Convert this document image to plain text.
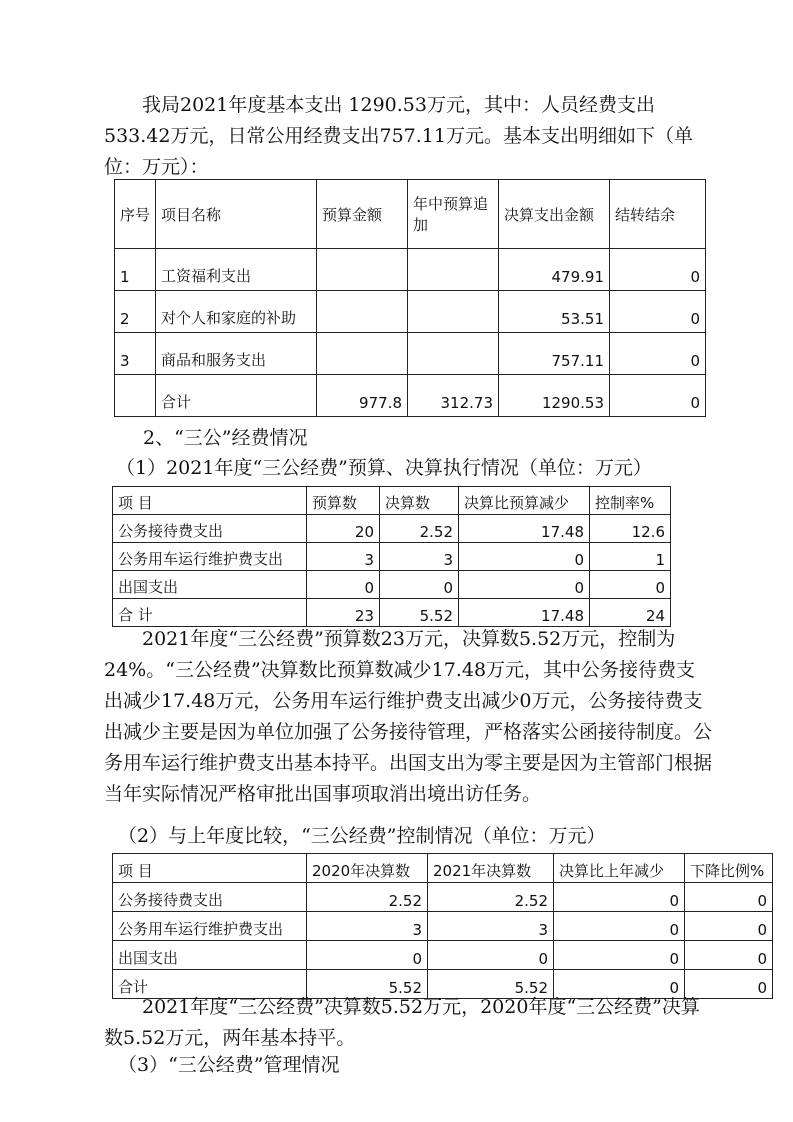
我局2021年度基本支出 1290.53万元，其中：人员经费支出533.42万元，日常公用经费支出757.11万元。基本支出明细如下（单位：万元）：

序号	项目名称	预算金额	年中预算追加	决算支出金额	结转结余
1	工资福利支出			479.91	0
2	对个人和家庭的补助			53.51	0
3	商品和服务支出			757.11	0
	合计	977.8	312.73	1290.53	0

2、“三公”经费情况

（1）2021年度“三公经费”预算、决算执行情况（单位：万元）

项 目	预算数	决算数	决算比预算减少	控制率%
公务接待费支出	20	2.52	17.48	12.6
公务用车运行维护费支出	3	3	0	1
出国支出	0	0	0	0
合 计	23	5.52	17.48	24

2021年度“三公经费”预算数23万元，决算数5.52万元，控制为24%。“三公经费”决算数比预算数减少17.48万元，其中公务接待费支出减少17.48万元，公务用车运行维护费支出减少0万元，公务接待费支出减少主要是因为单位加强了公务接待管理，严格落实公函接待制度。公务用车运行维护费支出基本持平。出国支出为零主要是因为主管部门根据当年实际情况严格审批出国事项取消出境出访任务。

（2）与上年度比较，“三公经费”控制情况（单位：万元）

项 目	2020年决算数	2021年决算数	决算比上年减少	下降比例%
公务接待费支出	2.52	2.52	0	0
公务用车运行维护费支出	3	3	0	0
出国支出	0	0	0	0
合计	5.52	5.52	0	0

2021年度“三公经费”决算数5.52万元，2020年度“三公经费”决算数5.52万元，两年基本持平。

（3）“三公经费”管理情况
